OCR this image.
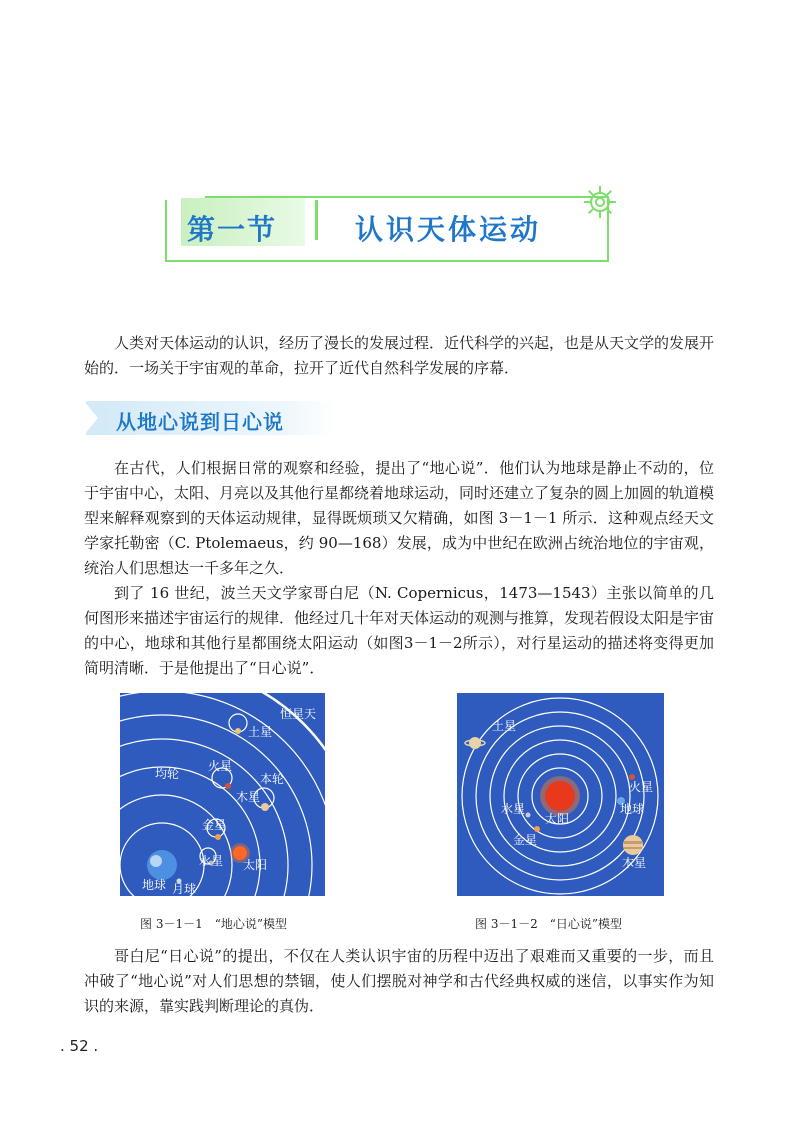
第一节	认识天体运动

人类对天体运动的认识，经历了漫长的发展过程．近代科学的兴起，也是从天文学的发展开始的．一场关于宇宙观的革命，拉开了近代自然科学发展的序幕．

从地心说到日心说

在古代，人们根据日常的观察和经验，提出了“地心说”．他们认为地球是静止不动的，位于宇宙中心，太阳、月亮以及其他行星都绕着地球运动，同时还建立了复杂的圆上加圆的轨道模型来解释观察到的天体运动规律，显得既烦琐又欠精确，如图 3－1－1 所示．这种观点经天文学家托勒密（C. Ptolemaeus，约 90—168）发展，成为中世纪在欧洲占统治地位的宇宙观，统治人们思想达一千多年之久．

到了 16 世纪，波兰天文学家哥白尼（N. Copernicus，1473—1543）主张以简单的几何图形来描述宇宙运行的规律．他经过几十年对天体运动的观测与推算，发现若假设太阳是宇宙的中心，地球和其他行星都围绕太阳运动（如图3－1－2所示），对行星运动的描述将变得更加简明清晰．于是他提出了“日心说”．

恒星天
土星
均轮
火星
本轮
木星
金星
水星 太阳
地球 月球
图 3－1－1　“地心说”模型
土星
火星
水星	地球
太阳
金星
木星
图 3－1－2　“日心说”模型

哥白尼“日心说”的提出，不仅在人类认识宇宙的历程中迈出了艰难而又重要的一步，而且冲破了“地心说”对人们思想的禁锢，使人们摆脱对神学和古代经典权威的迷信，以事实作为知识的来源，靠实践判断理论的真伪．

. 52 .
